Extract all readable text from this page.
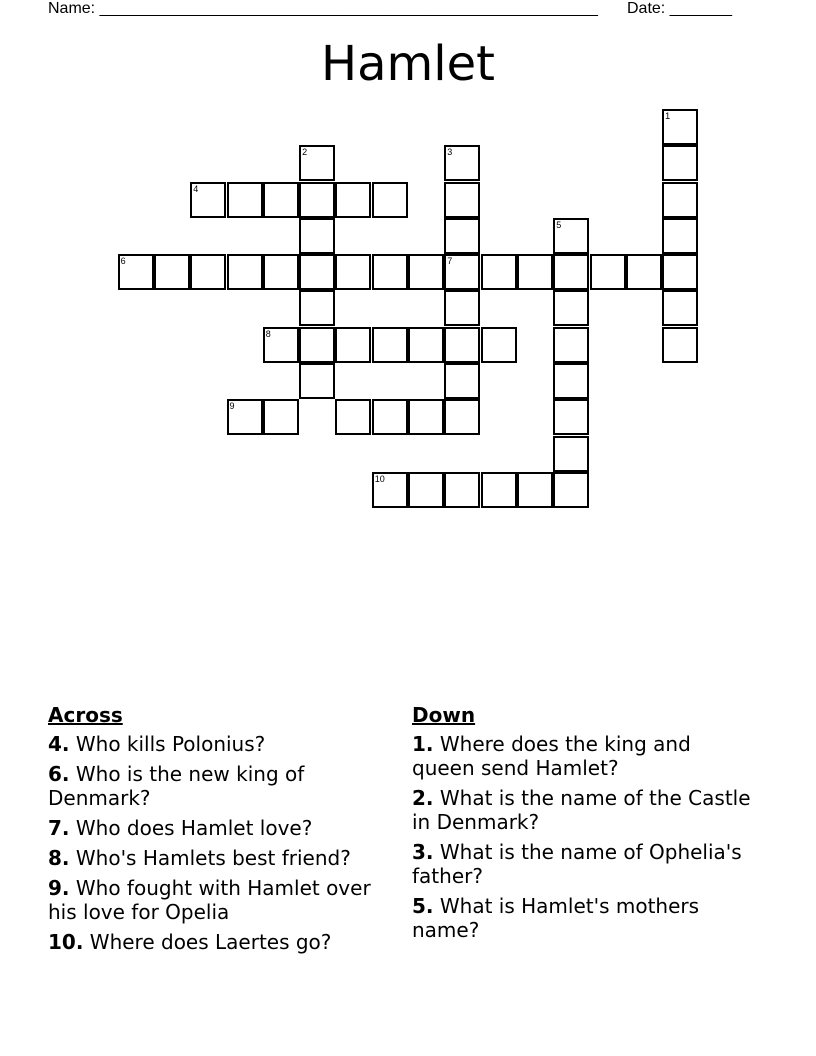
Name: ________________________________________________________ Date: _______
Hamlet
1
2	3
7
5
4
6
8
9
10
Across

4. Who kills Polonius?

6. Who is the new king of Denmark?

7. Who does Hamlet love?

8. Who's Hamlets best friend?

9. Who fought with Hamlet over his love for Opelia

10. Where does Laertes go?

Down

1. Where does the king and queen send Hamlet?

2. What is the name of the Castle in Denmark?

3. What is the name of Ophelia's father?

5. What is Hamlet's mothers name?
